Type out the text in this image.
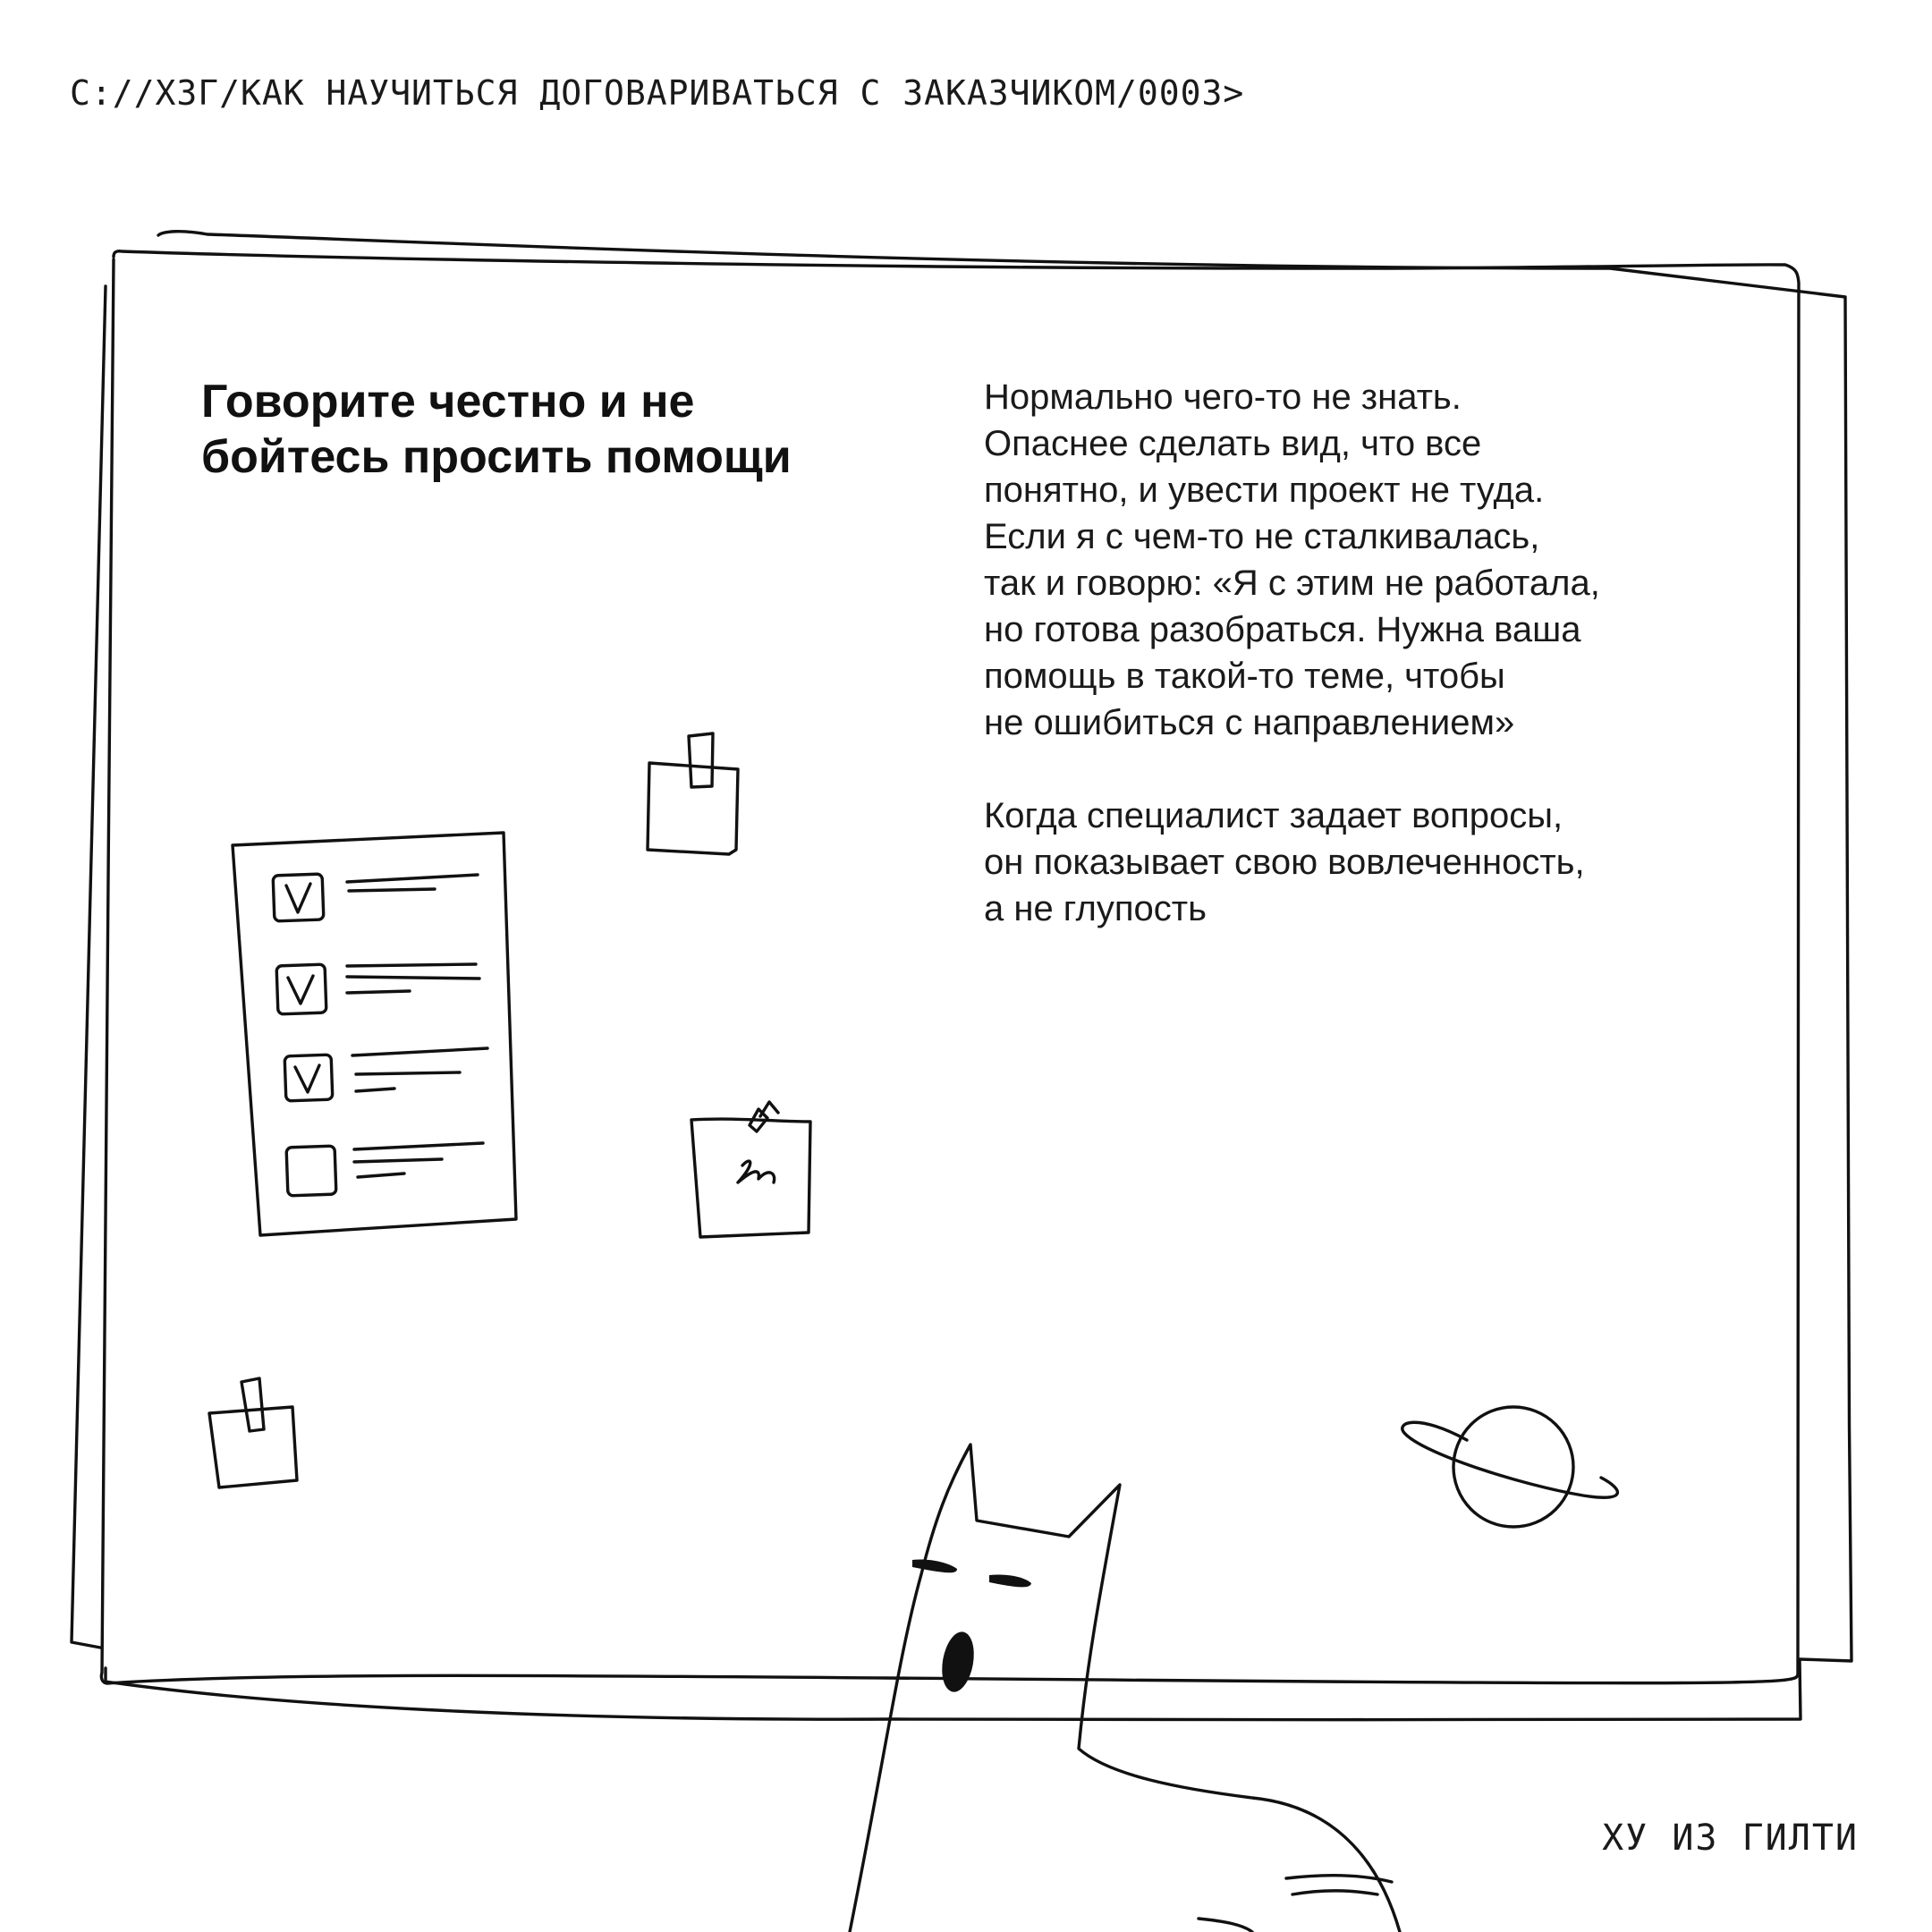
C://ХЗГ/КАК НАУЧИТЬСЯ ДОГОВАРИВАТЬСЯ С ЗАКАЗЧИКОМ/0003>
Говорите честно и не бойтесь просить помощи

Нормально чего-то не знать.
Опаснее сделать вид, что все
понятно, и увести проект не туда.
Если я с чем-то не сталкивалась,
так и говорю: «Я с этим не работала,
но готова разобраться. Нужна ваша
помощь в такой-то теме, чтобы
не ошибиться с направлением»

Когда специалист задает вопросы,
он показывает свою вовлеченность,
а не глупость

ХУ ИЗ ГИЛТИ
